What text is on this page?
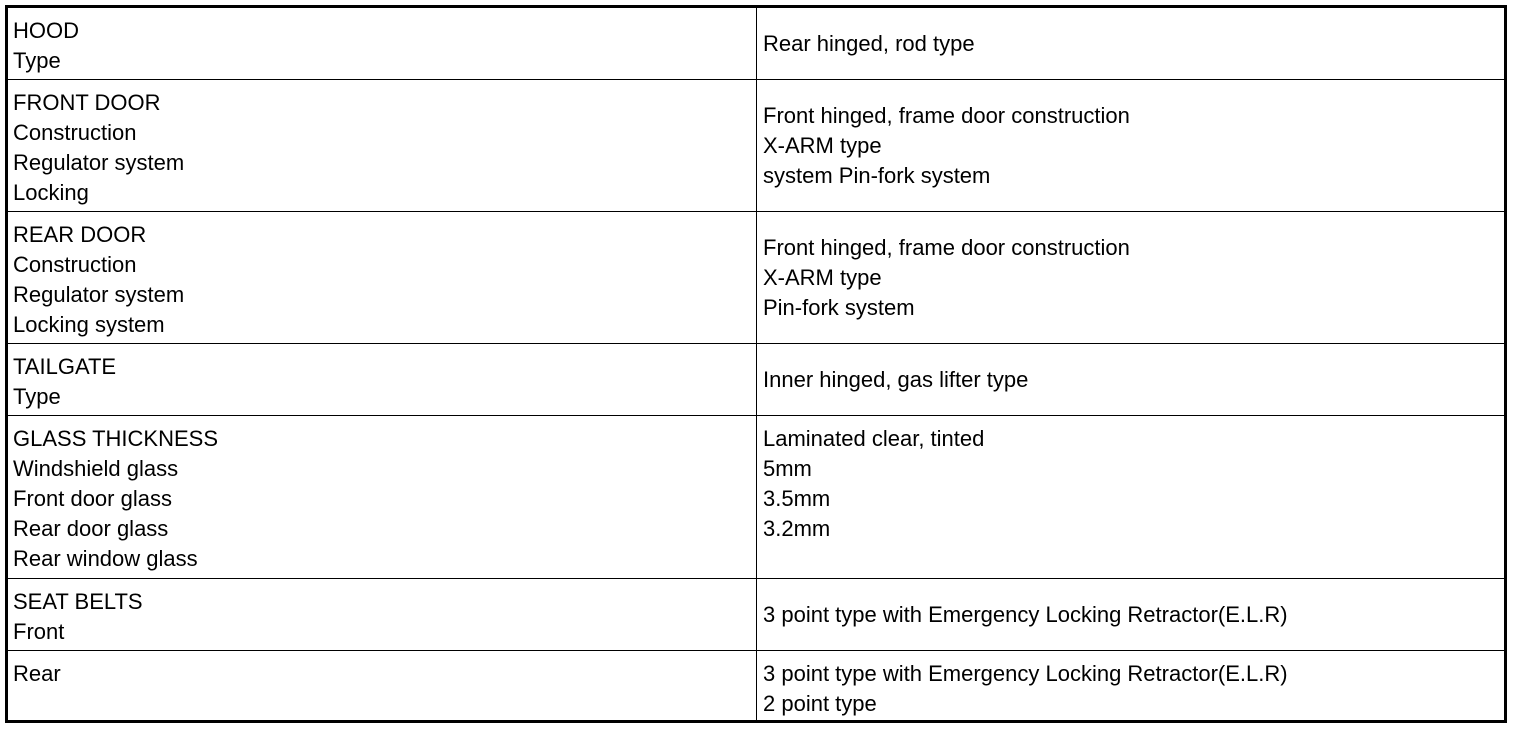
HOOD
Type
Rear hinged, rod type
FRONT DOOR
Construction
Regulator system
Locking
Front hinged, frame door construction
X-ARM type
system Pin-fork system
REAR DOOR
Construction
Regulator system
Locking system
Front hinged, frame door construction
X-ARM type
Pin-fork system
TAILGATE
Type
Inner hinged, gas lifter type
GLASS THICKNESS
Windshield glass
Front door glass
Rear door glass
Rear window glass
Laminated clear, tinted
5mm
3.5mm
3.2mm
SEAT BELTS
Front
3 point type with Emergency Locking Retractor(E.L.R)
Rear	3 point type with Emergency Locking Retractor(E.L.R)
2 point type
